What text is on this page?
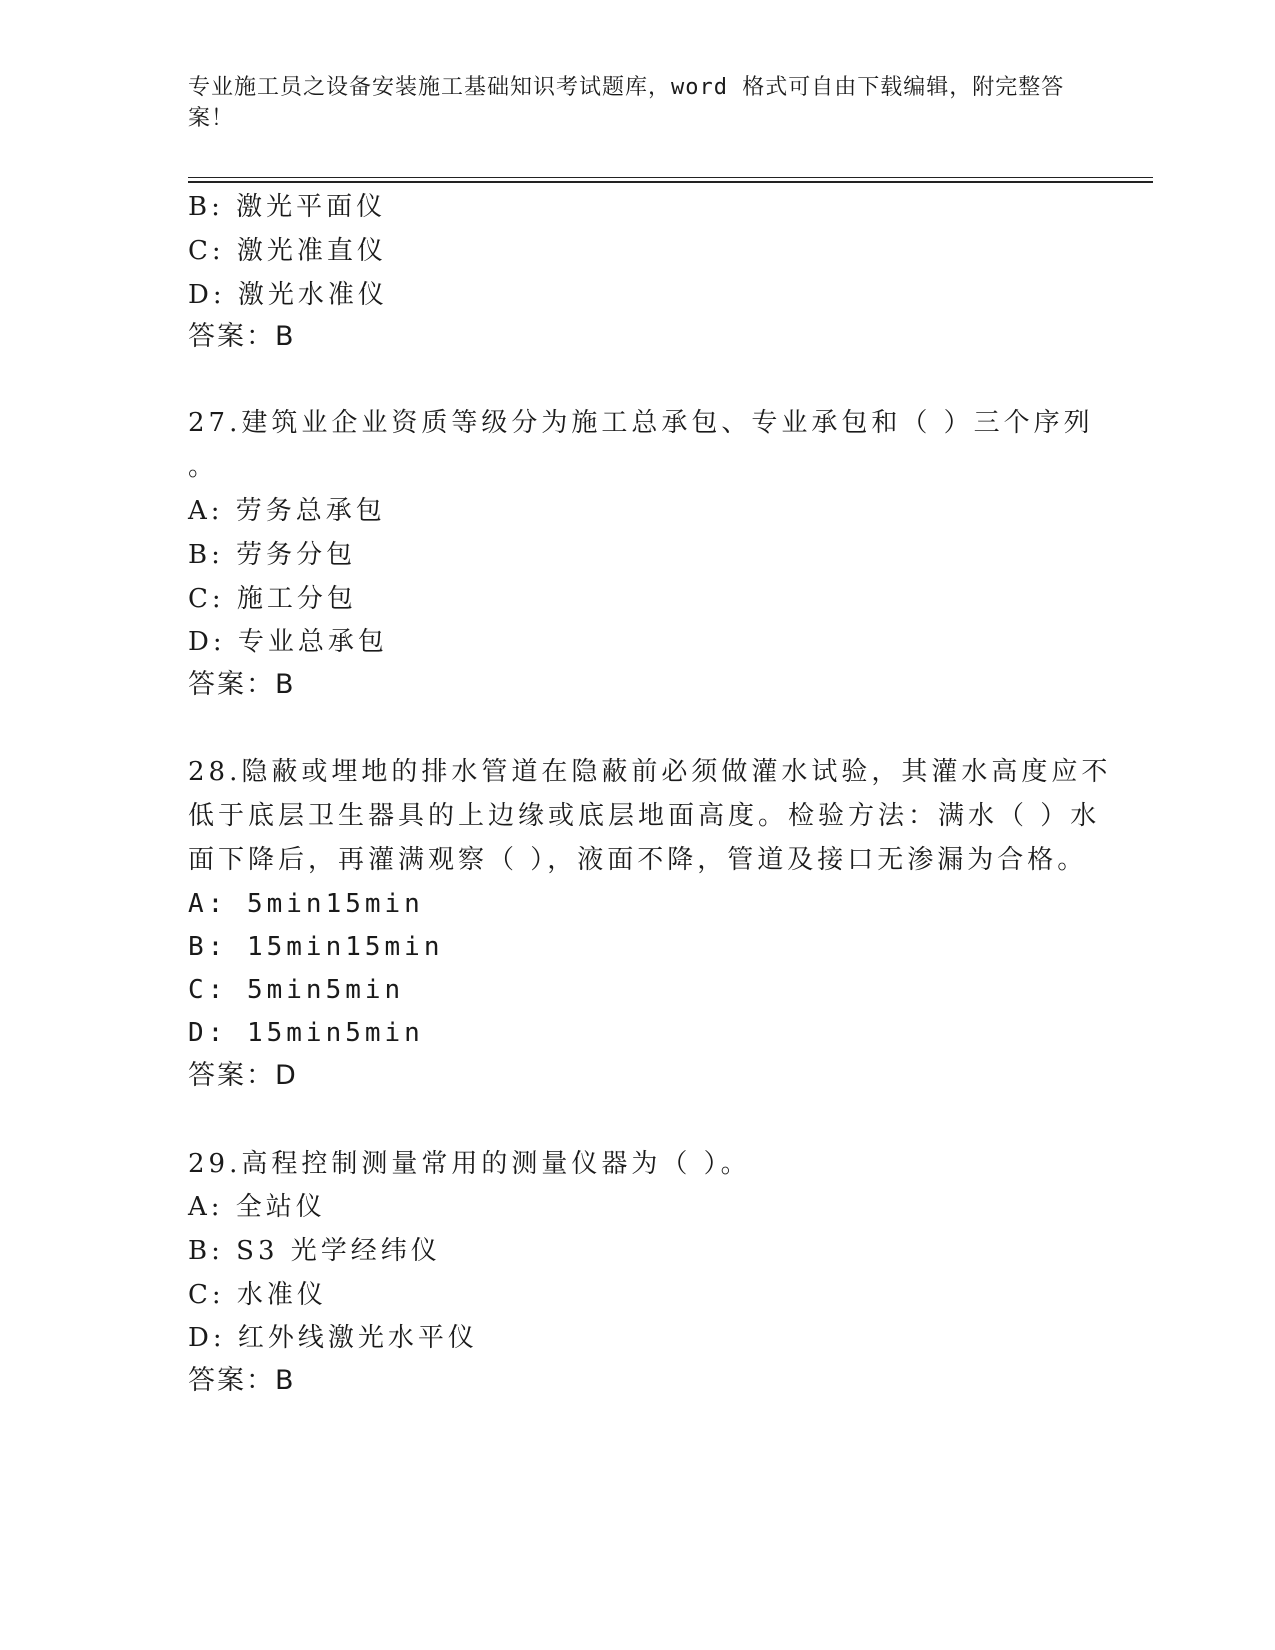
专业施工员之设备安装施工基础知识考试题库，word 格式可自由下载编辑，附完整答案！
B: 激光平面仪
C: 激光准直仪
D: 激光水准仪
答案：B
27.建筑业企业资质等级分为施工总承包、专业承包和（ ）三个序列
。
A: 劳务总承包
B: 劳务分包
C: 施工分包
D: 专业总承包
答案：B
28.隐蔽或埋地的排水管道在隐蔽前必须做灌水试验，其灌水高度应不
低于底层卫生器具的上边缘或底层地面高度。检验方法：满水（ ）水
面下降后，再灌满观察（ ），液面不降，管道及接口无渗漏为合格。
A: 5min15min
B: 15min15min
C: 5min5min
D: 15min5min
答案：D
29.高程控制测量常用的测量仪器为（ ）。
A: 全站仪
B: S3 光学经纬仪
C: 水准仪
D: 红外线激光水平仪
答案：B
